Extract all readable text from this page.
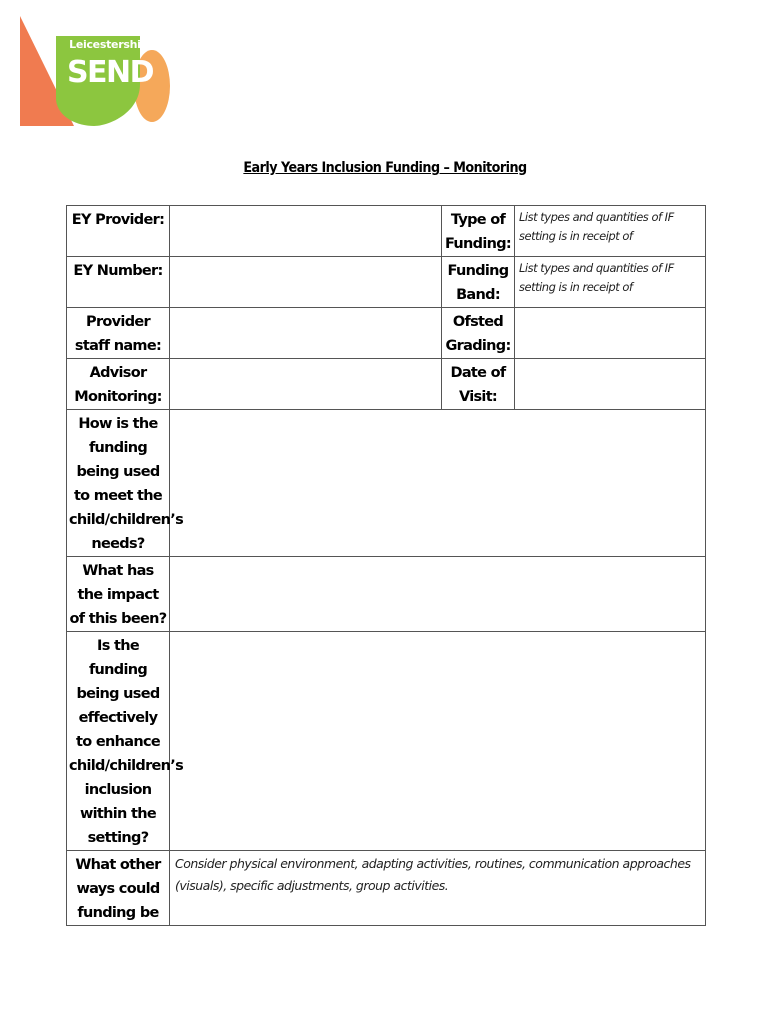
Leicestershire
SEND
Early Years Inclusion Funding – Monitoring
EY Provider:		Type of Funding:	List types and quantities of IF setting is in receipt of
EY Number:		Funding Band:	List types and quantities of IF setting is in receipt of
Provider staff name:		Ofsted Grading:	
Advisor Monitoring:		Date of Visit:	
How is the funding being used to meet the child/children’s needs?			
What has the impact of this been?			
Is the funding being used effectively to enhance child/children’s inclusion within the setting?			
What other ways could funding be	Consider physical environment, adapting activities, routines, communication approaches (visuals), specific adjustments, group activities.		
